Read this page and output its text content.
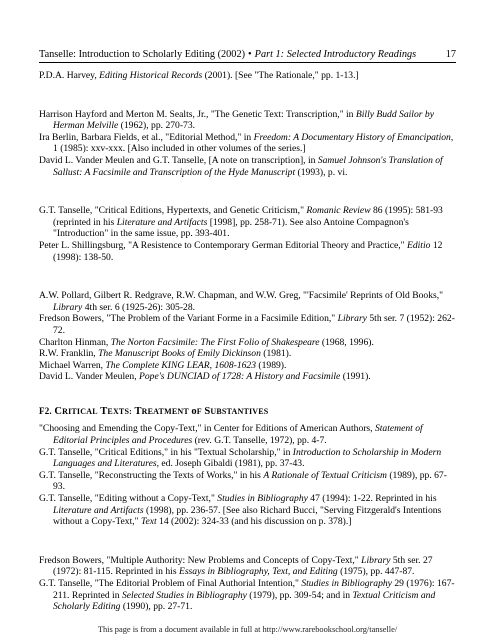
Tanselle: Introduction to Scholarly Editing (2002) • Part 1: Selected Introductory Readings	17

P.D.A. Harvey, Editing Historical Records (2001). [See "The Rationale," pp. 1-13.]

Harrison Hayford and Merton M. Sealts, Jr., "The Genetic Text: Transcription," in Billy Budd Sailor by Herman Melville (1962), pp. 270-73.

Ira Berlin, Barbara Fields, et al., "Editorial Method," in Freedom: A Documentary History of Emancipation, 1 (1985): xxv-xxx. [Also included in other volumes of the series.]

David L. Vander Meulen and G.T. Tanselle, [A note on transcription], in Samuel Johnson's Translation of Sallust: A Facsimile and Transcription of the Hyde Manuscript (1993), p. vi.

G.T. Tanselle, "Critical Editions, Hypertexts, and Genetic Criticism," Romanic Review 86 (1995): 581-93 (reprinted in his Literature and Artifacts [1998], pp. 258-71). See also Antoine Compagnon's "Introduction" in the same issue, pp. 393-401.

Peter L. Shillingsburg, "A Resistence to Contemporary German Editorial Theory and Practice," Editio 12 (1998): 138-50.

A.W. Pollard, Gilbert R. Redgrave, R.W. Chapman, and W.W. Greg, "'Facsimile' Reprints of Old Books," Library 4th ser. 6 (1925-26): 305-28.

Fredson Bowers, "The Problem of the Variant Forme in a Facsimile Edition," Library 5th ser. 7 (1952): 262-72.

Charlton Hinman, The Norton Facsimile: The First Folio of Shakespeare (1968, 1996).

R.W. Franklin, The Manuscript Books of Emily Dickinson (1981).

Michael Warren, The Complete KING LEAR, 1608-1623 (1989).

David L. Vander Meulen, Pope's DUNCIAD of 1728: A History and Facsimile (1991).

F2. CRITICAL TEXTS: TREATMENT oF SUBSTANTIVES

"Choosing and Emending the Copy-Text," in Center for Editions of American Authors, Statement of Editorial Principles and Procedures (rev. G.T. Tanselle, 1972), pp. 4-7.

G.T. Tanselle, "Critical Editions," in his "Textual Scholarship," in Introduction to Scholarship in Modern Languages and Literatures, ed. Joseph Gibaldi (1981), pp. 37-43.

G.T. Tanselle, "Reconstructing the Texts of Works," in his A Rationale of Textual Criticism (1989), pp. 67-93.

G.T. Tanselle, "Editing without a Copy-Text," Studies in Bibliography 47 (1994): 1-22. Reprinted in his Literature and Artifacts (1998), pp. 236-57. [See also Richard Bucci, "Serving Fitzgerald's Intentions without a Copy-Text," Text 14 (2002): 324-33 (and his discussion on p. 378).]

Fredson Bowers, "Multiple Authority: New Problems and Concepts of Copy-Text," Library 5th ser. 27 (1972): 81-115. Reprinted in his Essays in Bibliography, Text, and Editing (1975), pp. 447-87.

G.T. Tanselle, "The Editorial Problem of Final Authorial Intention," Studies in Bibliography 29 (1976): 167-211. Reprinted in Selected Studies in Bibliography (1979), pp. 309-54; and in Textual Criticism and Scholarly Editing (1990), pp. 27-71.

This page is from a document available in full at http://www.rarebookschool.org/tanselle/
